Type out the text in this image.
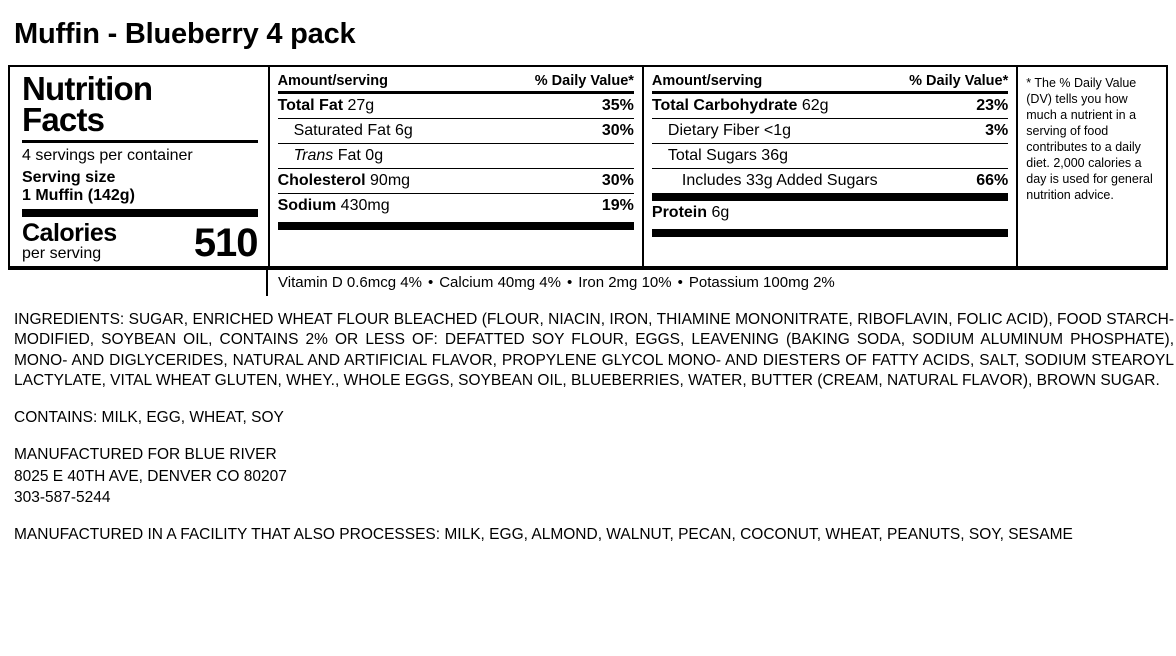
Muffin - Blueberry 4 pack
Nutrition
Facts
4 servings per container
Serving size
1 Muffin (142g)
Calories
per serving	510
Amount/serving	% Daily Value*
Total Fat 27g	35%
Saturated Fat 6g	30%
Trans Fat 0g
Cholesterol 90mg	30%
Sodium 430mg	19%
Amount/serving	% Daily Value*
Total Carbohydrate 62g	23%
Dietary Fiber <1g	3%
Total Sugars 36g
Includes 33g Added Sugars	66%
Protein 6g
* The % Daily Value (DV) tells you how much a nutrient in a serving of food contributes to a daily diet. 2,000 calories a day is used for general nutrition advice.
Vitamin D 0.6mcg 4% • Calcium 40mg 4% • Iron 2mg 10% • Potassium 100mg 2%
INGREDIENTS: SUGAR, ENRICHED WHEAT FLOUR BLEACHED (FLOUR, NIACIN, IRON, THIAMINE MONONITRATE, RIBOFLAVIN, FOLIC ACID), FOOD STARCH-MODIFIED, SOYBEAN OIL, CONTAINS 2% OR LESS OF: DEFATTED SOY FLOUR, EGGS, LEAVENING (BAKING SODA, SODIUM ALUMINUM PHOSPHATE), MONO- AND DIGLYCERIDES, NATURAL AND ARTIFICIAL FLAVOR, PROPYLENE GLYCOL MONO- AND DIESTERS OF FATTY ACIDS, SALT, SODIUM STEAROYL LACTYLATE, VITAL WHEAT GLUTEN, WHEY., WHOLE EGGS, SOYBEAN OIL, BLUEBERRIES, WATER, BUTTER (CREAM, NATURAL FLAVOR), BROWN SUGAR.
CONTAINS: MILK, EGG, WHEAT, SOY
MANUFACTURED FOR BLUE RIVER
8025 E 40TH AVE, DENVER CO 80207
303-587-5244
MANUFACTURED IN A FACILITY THAT ALSO PROCESSES: MILK, EGG, ALMOND, WALNUT, PECAN, COCONUT, WHEAT, PEANUTS, SOY, SESAME
